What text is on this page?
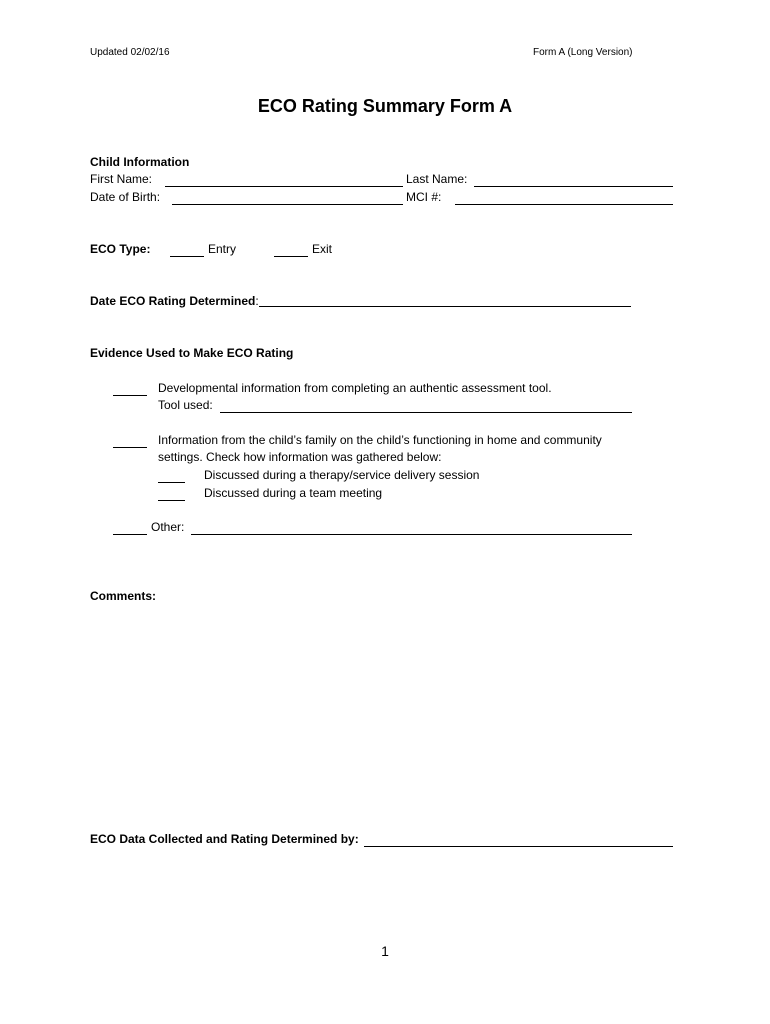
Updated 02/02/16	Form A (Long Version)
ECO Rating Summary Form A
Child Information
First Name:	Last Name:
Date of Birth:	MCI #:
ECO Type:	Entry	Exit
Date ECO Rating Determined:
Evidence Used to Make ECO Rating
Developmental information from completing an authentic assessment tool.
Tool used:
Information from the child’s family on the child’s functioning in home and community
settings. Check how information was gathered below:
Discussed during a therapy/service delivery session
Discussed during a team meeting
Other:
Comments:
ECO Data Collected and Rating Determined by:
1
